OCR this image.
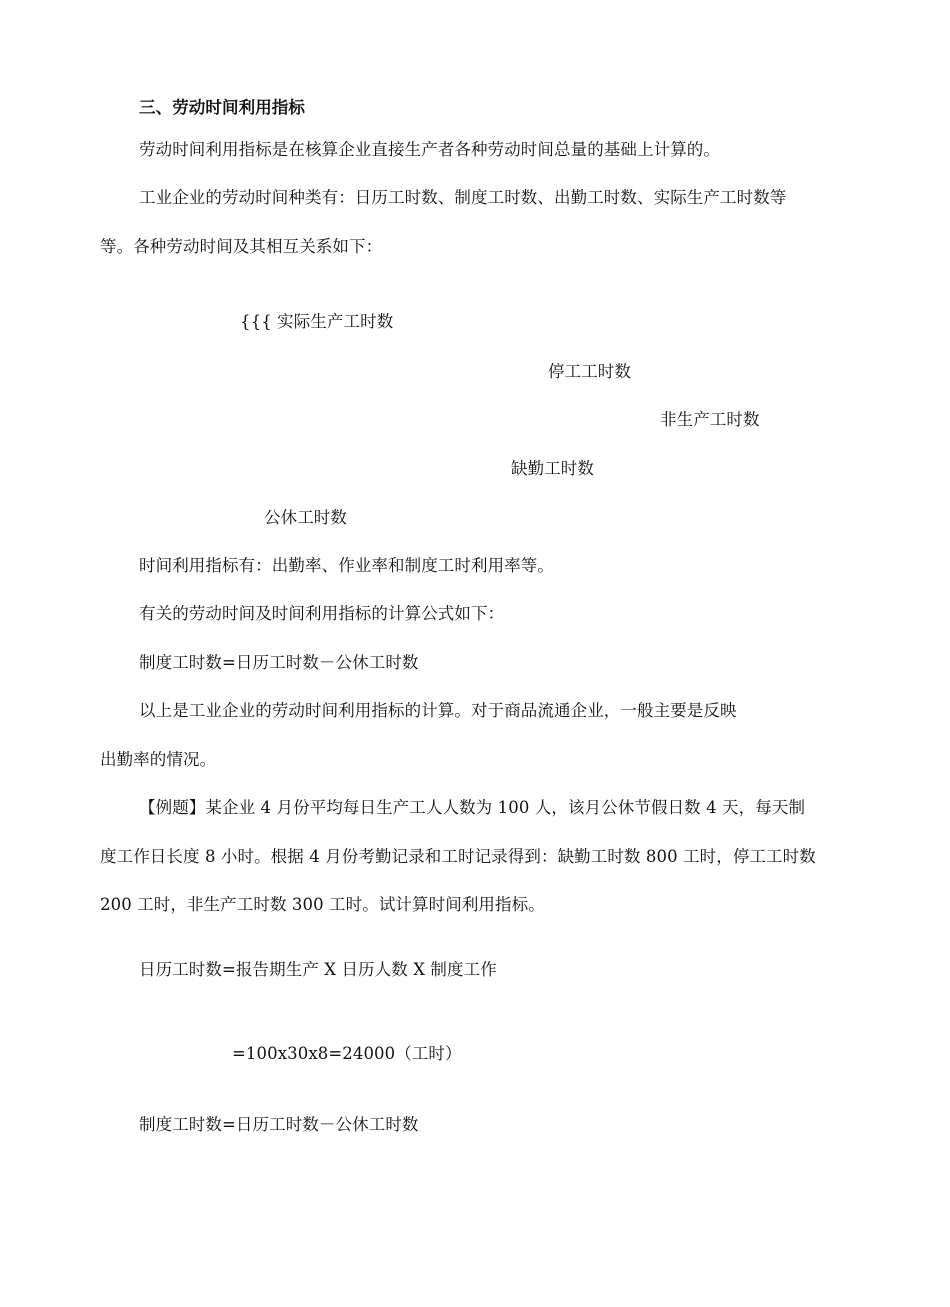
三、劳动时间利用指标
劳动时间利用指标是在核算企业直接生产者各种劳动时间总量的基础上计算的。
工业企业的劳动时间种类有：日历工时数、制度工时数、出勤工时数、实际生产工时数等
等。各种劳动时间及其相互关系如下：
{{{ 实际生产工时数
停工工时数
非生产工时数
缺勤工时数
公休工时数
时间利用指标有：出勤率、作业率和制度工时利用率等。
有关的劳动时间及时间利用指标的计算公式如下：
制度工时数=日历工时数－公休工时数
以上是工业企业的劳动时间利用指标的计算。对于商品流通企业，一般主要是反映
出勤率的情况。
【例题】某企业 4 月份平均每日生产工人人数为 100 人，该月公休节假日数 4 天，每天制
度工作日长度 8 小时。根据 4 月份考勤记录和工时记录得到：缺勤工时数 800 工时，停工工时数
200 工时，非生产工时数 300 工时。试计算时间利用指标。
日历工时数=报告期生产 X 日历人数 X 制度工作
=100x30x8=24000（工时）
制度工时数=日历工时数－公休工时数
